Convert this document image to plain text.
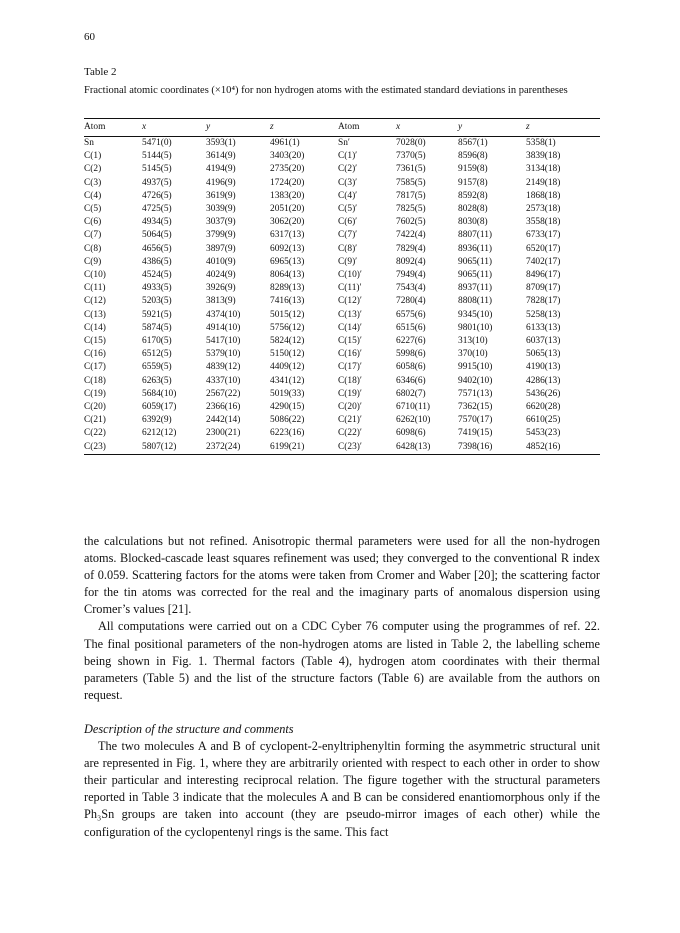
60
Table 2
Fractional atomic coordinates (×10⁴) for non hydrogen atoms with the estimated standard deviations in parentheses
Atom	x	y	z	Atom	x	y	z
Sn	5471(0)	3593(1)	4961(1)	Sn′	7028(0)	8567(1)	5358(1)
C(1)	5144(5)	3614(9)	3403(20)	C(1)′	7370(5)	8596(8)	3839(18)
C(2)	5145(5)	4194(9)	2735(20)	C(2)′	7361(5)	9159(8)	3134(18)
C(3)	4937(5)	4196(9)	1724(20)	C(3)′	7585(5)	9157(8)	2149(18)
C(4)	4726(5)	3619(9)	1383(20)	C(4)′	7817(5)	8592(8)	1868(18)
C(5)	4725(5)	3039(9)	2051(20)	C(5)′	7825(5)	8028(8)	2573(18)
C(6)	4934(5)	3037(9)	3062(20)	C(6)′	7602(5)	8030(8)	3558(18)
C(7)	5064(5)	3799(9)	6317(13)	C(7)′	7422(4)	8807(11)	6733(17)
C(8)	4656(5)	3897(9)	6092(13)	C(8)′	7829(4)	8936(11)	6520(17)
C(9)	4386(5)	4010(9)	6965(13)	C(9)′	8092(4)	9065(11)	7402(17)
C(10)	4524(5)	4024(9)	8064(13)	C(10)′	7949(4)	9065(11)	8496(17)
C(11)	4933(5)	3926(9)	8289(13)	C(11)′	7543(4)	8937(11)	8709(17)
C(12)	5203(5)	3813(9)	7416(13)	C(12)′	7280(4)	8808(11)	7828(17)
C(13)	5921(5)	4374(10)	5015(12)	C(13)′	6575(6)	9345(10)	5258(13)
C(14)	5874(5)	4914(10)	5756(12)	C(14)′	6515(6)	9801(10)	6133(13)
C(15)	6170(5)	5417(10)	5824(12)	C(15)′	6227(6)	313(10)	6037(13)
C(16)	6512(5)	5379(10)	5150(12)	C(16)′	5998(6)	370(10)	5065(13)
C(17)	6559(5)	4839(12)	4409(12)	C(17)′	6058(6)	9915(10)	4190(13)
C(18)	6263(5)	4337(10)	4341(12)	C(18)′	6346(6)	9402(10)	4286(13)
C(19)	5684(10)	2567(22)	5019(33)	C(19)′	6802(7)	7571(13)	5436(26)
C(20)	6059(17)	2366(16)	4290(15)	C(20)′	6710(11)	7362(15)	6620(28)
C(21)	6392(9)	2442(14)	5086(22)	C(21)′	6262(10)	7570(17)	6610(25)
C(22)	6212(12)	2300(21)	6223(16)	C(22)′	6098(6)	7419(15)	5453(23)
C(23)	5807(12)	2372(24)	6199(21)	C(23)′	6428(13)	7398(16)	4852(16)

the calculations but not refined. Anisotropic thermal parameters were used for all the non-hydrogen atoms. Blocked-cascade least squares refinement was used; they converged to the conventional R index of 0.059. Scattering factors for the atoms were taken from Cromer and Waber [20]; the scattering factor for the tin atoms was corrected for the real and the imaginary parts of anomalous dispersion using Cromer’s values [21].

All computations were carried out on a CDC Cyber 76 computer using the programmes of ref. 22. The final positional parameters of the non-hydrogen atoms are listed in Table 2, the labelling scheme being shown in Fig. 1. Thermal factors (Table 4), hydrogen atom coordinates with their thermal parameters (Table 5) and the list of the structure factors (Table 6) are available from the authors on request.

Description of the structure and comments

The two molecules A and B of cyclopent-2-enyltriphenyltin forming the asymmetric structural unit are represented in Fig. 1, where they are arbitrarily oriented with respect to each other in order to show their particular and interesting reciprocal relation. The figure together with the structural parameters reported in Table 3 indicate that the molecules A and B can be considered enantiomorphous only if the Ph₃Sn groups are taken into account (they are pseudo-mirror images of each other) while the configuration of the cyclopentenyl rings is the same. This fact
